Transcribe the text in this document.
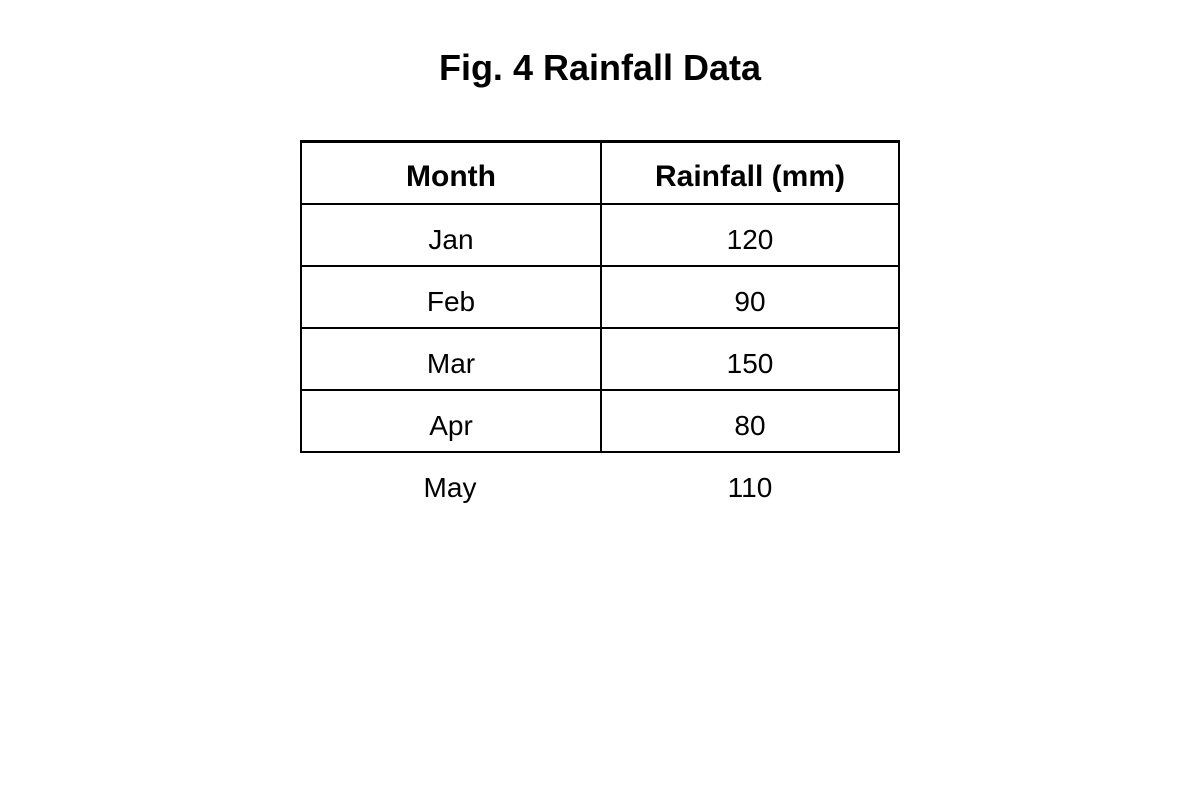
Fig. 4 Rainfall Data
Month	Rainfall (mm)
Jan	120
Feb	90
Mar	150
Apr	80
May	110
